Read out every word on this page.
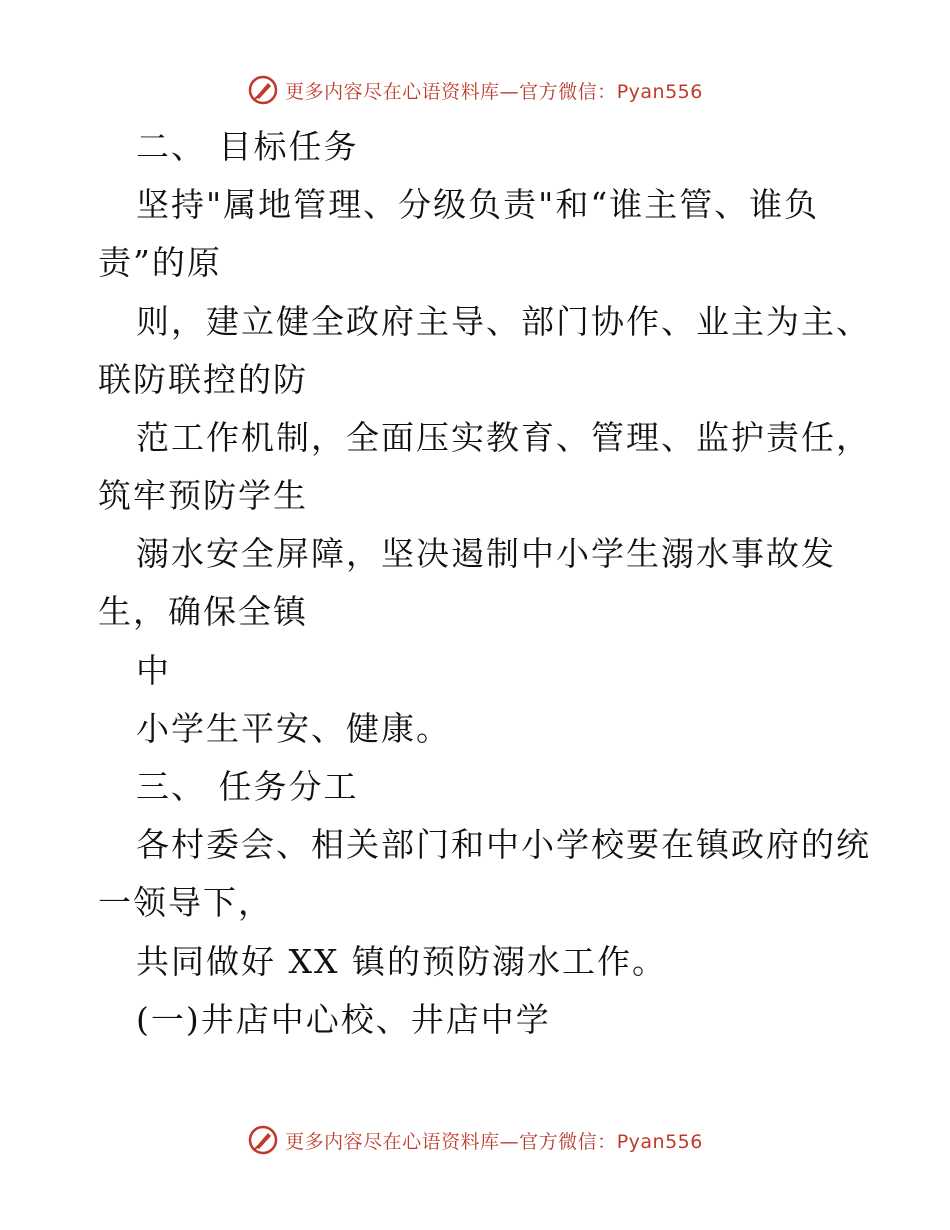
更多内容尽在心语资料库—官方微信：Pyan556
二、 目标任务
坚持"属地管理、分级负责"和“谁主管、谁负
责”的原
则，建立健全政府主导、部门协作、业主为主、
联防联控的防
范工作机制，全面压实教育、管理、监护责任，
筑牢预防学生
溺水安全屏障，坚决遏制中小学生溺水事故发
生，确保全镇
中
小学生平安、健康。
三、 任务分工
各村委会、相关部门和中小学校要在镇政府的统
一领导下，
共同做好 XX 镇的预防溺水工作。
(一)井店中心校、井店中学
更多内容尽在心语资料库—官方微信：Pyan556
